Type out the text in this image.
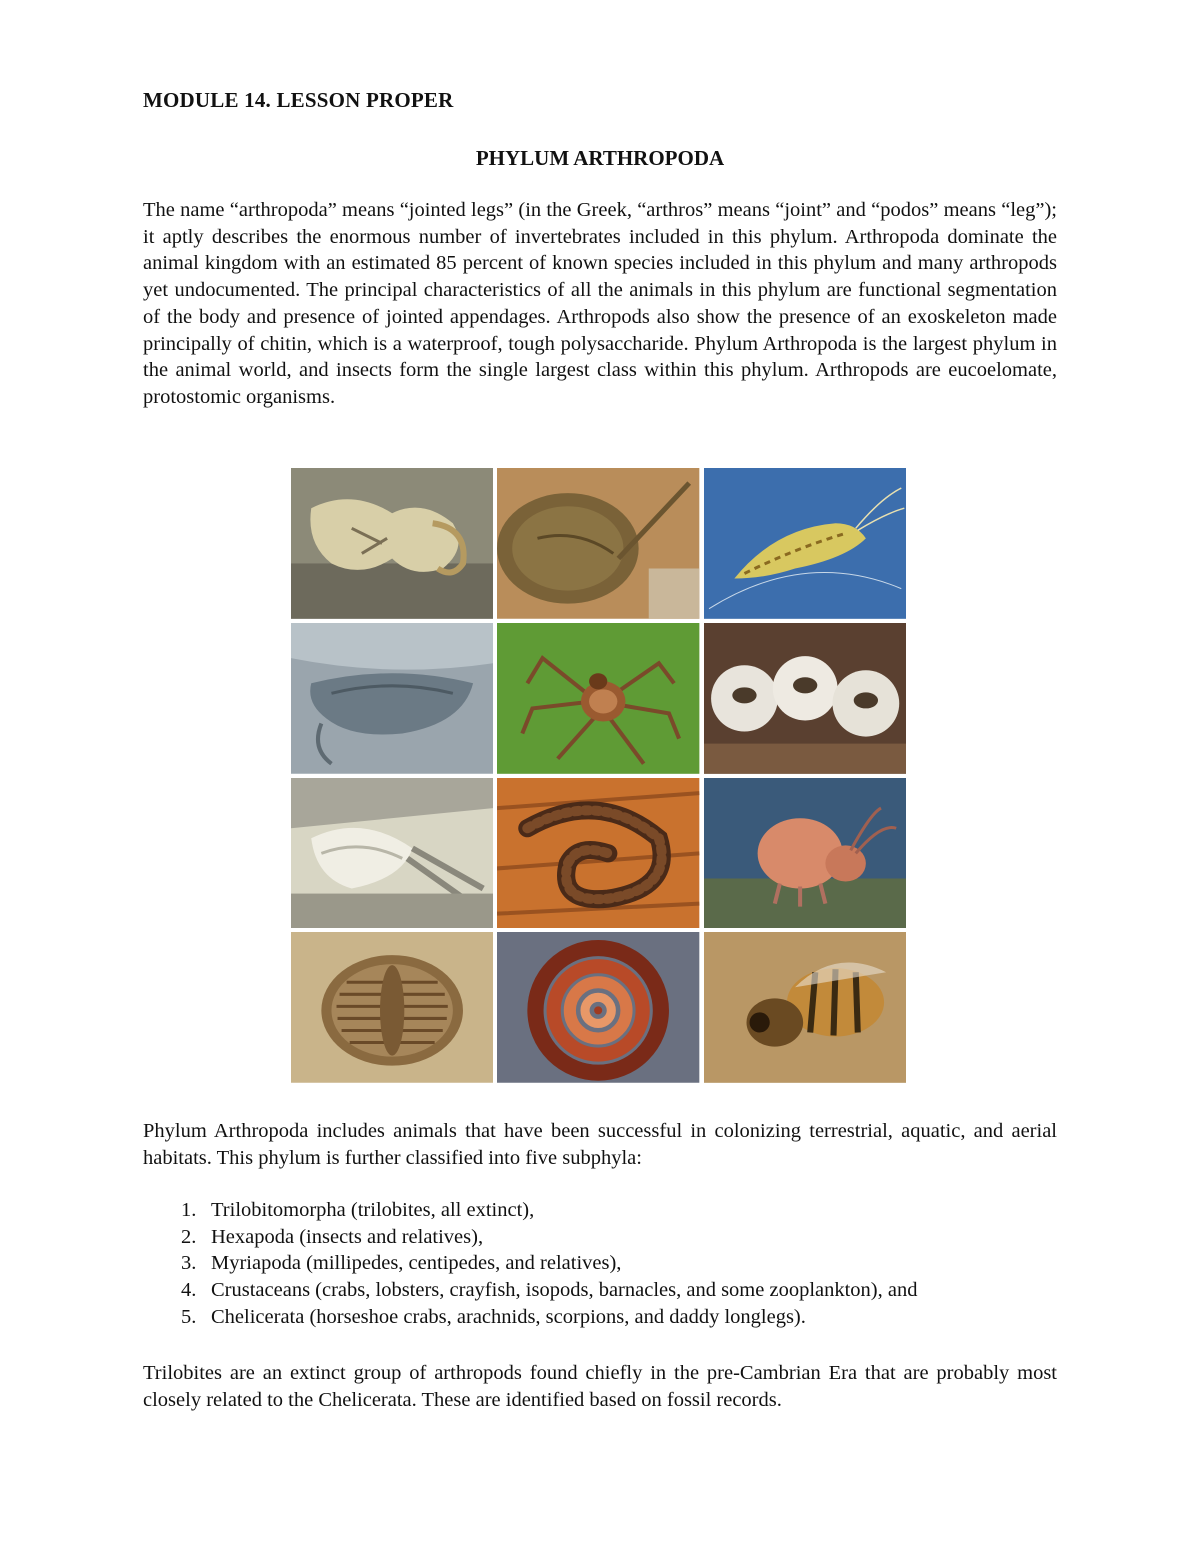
MODULE 14. LESSON PROPER
PHYLUM ARTHROPODA

The name “arthropoda” means “jointed legs” (in the Greek, “arthros” means “joint” and “podos” means “leg”); it aptly describes the enormous number of invertebrates included in this phylum. Arthropoda dominate the animal kingdom with an estimated 85 percent of known species included in this phylum and many arthropods yet undocumented. The principal characteristics of all the animals in this phylum are functional segmentation of the body and presence of jointed appendages. Arthropods also show the presence of an exoskeleton made principally of chitin, which is a waterproof, tough polysaccharide. Phylum Arthropoda is the largest phylum in the animal world, and insects form the single largest class within this phylum. Arthropods are eucoelomate, protostomic organisms.

Phylum Arthropoda includes animals that have been successful in colonizing terrestrial, aquatic, and aerial habitats. This phylum is further classified into five subphyla:

1. Trilobitomorpha (trilobites, all extinct),
2. Hexapoda (insects and relatives),
3. Myriapoda (millipedes, centipedes, and relatives),
4. Crustaceans (crabs, lobsters, crayfish, isopods, barnacles, and some zooplankton), and
5. Chelicerata (horseshoe crabs, arachnids, scorpions, and daddy longlegs).

Trilobites are an extinct group of arthropods found chiefly in the pre-Cambrian Era that are probably most closely related to the Chelicerata. These are identified based on fossil records.
